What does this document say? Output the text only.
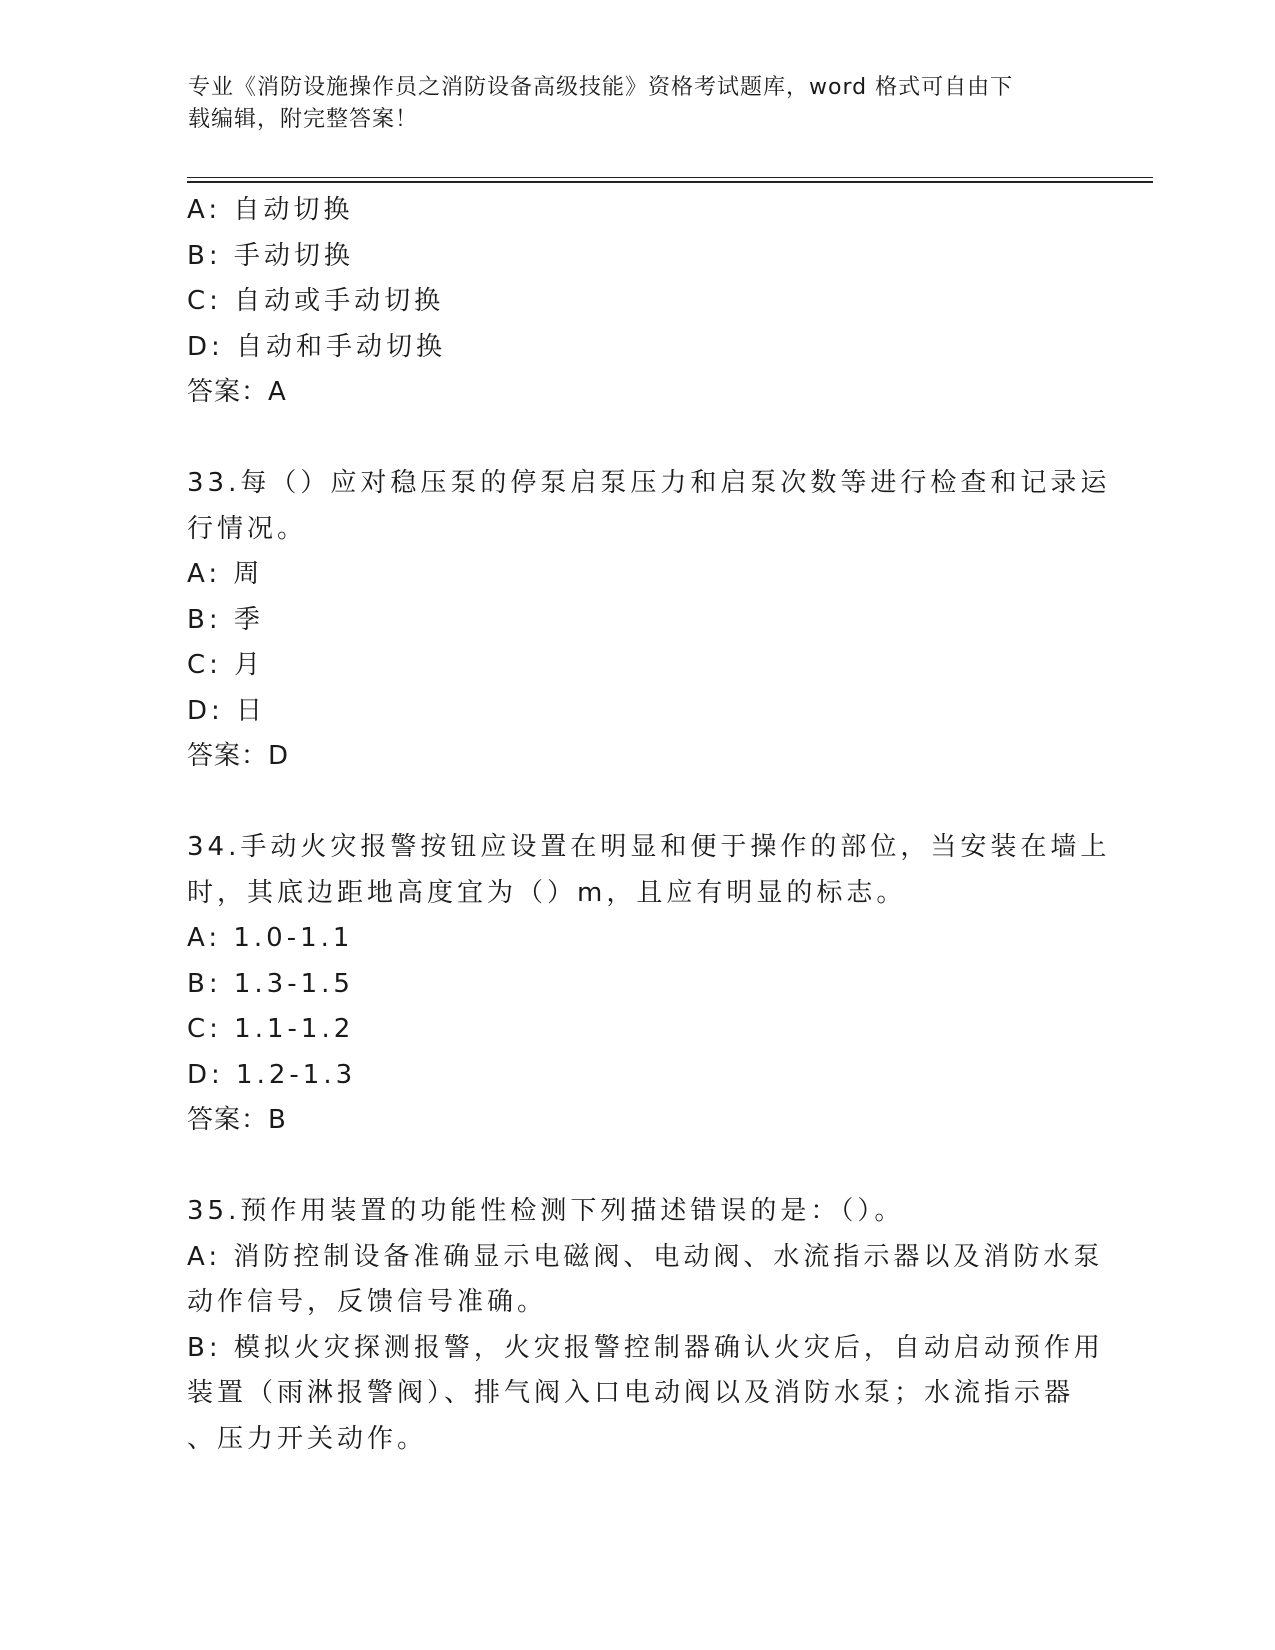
专业《消防设施操作员之消防设备高级技能》资格考试题库，word 格式可自由下
载编辑，附完整答案！
A: 自动切换
B: 手动切换
C: 自动或手动切换
D: 自动和手动切换
答案：A
33.每（）应对稳压泵的停泵启泵压力和启泵次数等进行检查和记录运
行情况。
A: 周
B: 季
C: 月
D: 日
答案：D
34.手动火灾报警按钮应设置在明显和便于操作的部位，当安装在墙上
时，其底边距地高度宜为（）m，且应有明显的标志。
A: 1.0-1.1
B: 1.3-1.5
C: 1.1-1.2
D: 1.2-1.3
答案：B
35.预作用装置的功能性检测下列描述错误的是：（）。
A: 消防控制设备准确显示电磁阀、电动阀、水流指示器以及消防水泵
动作信号，反馈信号准确。
B: 模拟火灾探测报警，火灾报警控制器确认火灾后，自动启动预作用
装置（雨淋报警阀）、排气阀入口电动阀以及消防水泵；水流指示器
、压力开关动作。
